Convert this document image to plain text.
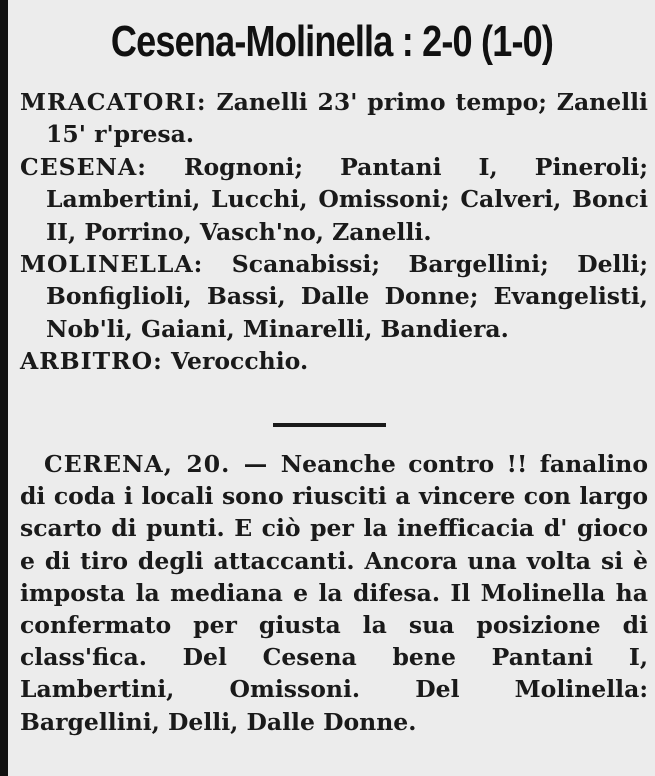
Cesena-Molinella : 2-0 (1-0)

MRACATORI: Zanelli 23' primo tempo; Zanelli 15' r'presa.

CESENA: Rognoni; Pantani I, Pineroli; Lambertini, Lucchi, Omissoni; Calveri, Bonci II, Porrino, Vasch'no, Zanelli.

MOLINELLA: Scanabissi; Bargellini; Delli; Bonfiglioli, Bassi, Dalle Donne; Evangelisti, Nob'li, Gaiani, Minarelli, Bandiera.

ARBITRO: Verocchio.

CERENA, 20. — Neanche contro !! fanalino di coda i locali sono riusciti a vincere con largo scarto di punti. E ciò per la inefficacia d' gioco e di tiro degli attaccanti. Ancora una volta si è imposta la mediana e la difesa. Il Molinella ha confermato per giusta la sua posizione di class'fica. Del Cesena bene Pantani I, Lambertini, Omissoni. Del Molinella: Bargellini, Delli, Dalle Donne.
